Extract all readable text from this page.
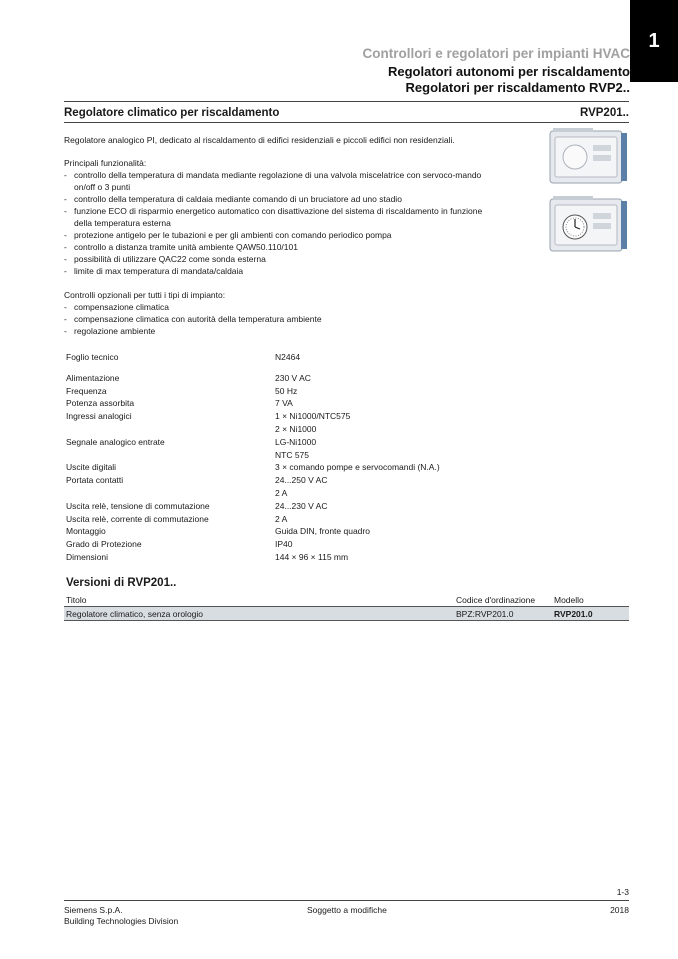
1
Controllori e regolatori per impianti HVAC
Regolatori autonomi per riscaldamento
Regolatori per riscaldamento RVP2..
Regolatore climatico per riscaldamento	RVP201..

Regolatore analogico PI, dedicato al riscaldamento di edifici residenziali e piccoli edifici non residenziali.

Principali funzionalità:

- controllo della temperatura di mandata mediante regolazione di una valvola miscelatrice con servoco-mando on/off o 3 punti
- controllo della temperatura di caldaia mediante comando di un bruciatore ad uno stadio
- funzione ECO di risparmio energetico automatico con disattivazione del sistema di riscaldamento in funzione della temperatura esterna
- protezione antigelo per le tubazioni e per gli ambienti con comando periodico pompa
- controllo a distanza tramite unità ambiente QAW50.110/101
- possibilità di utilizzare QAC22 come sonda esterna
- limite di max temperatura di mandata/caldaia

Controlli opzionali per tutti i tipi di impianto:

- compensazione climatica
- compensazione climatica con autorità della temperatura ambiente
- regolazione ambiente
Foglio tecnico	N2464
Alimentazione	230 V AC
Frequenza	50 Hz
Potenza assorbita	7 VA
Ingressi analogici	1 × Ni1000/NTC575
2 × Ni1000
Segnale analogico entrate	LG-Ni1000
NTC 575
Uscite digitali	3 × comando pompe e servocomandi (N.A.)
Portata contatti	24...250 V AC
2 A
Uscita relè, tensione di commutazione	24...230 V AC
Uscita relè, corrente di commutazione	2 A
Montaggio	Guida DIN, fronte quadro
Grado di Protezione	IP40
Dimensioni	144 × 96 × 115 mm
Versioni di RVP201..
Titolo	Codice d'ordinazione	Modello
Regolatore climatico, senza orologio	BPZ:RVP201.0	RVP201.0
1-3
Siemens S.p.A.
Building Technologies Division
Soggetto a modifiche	2018
